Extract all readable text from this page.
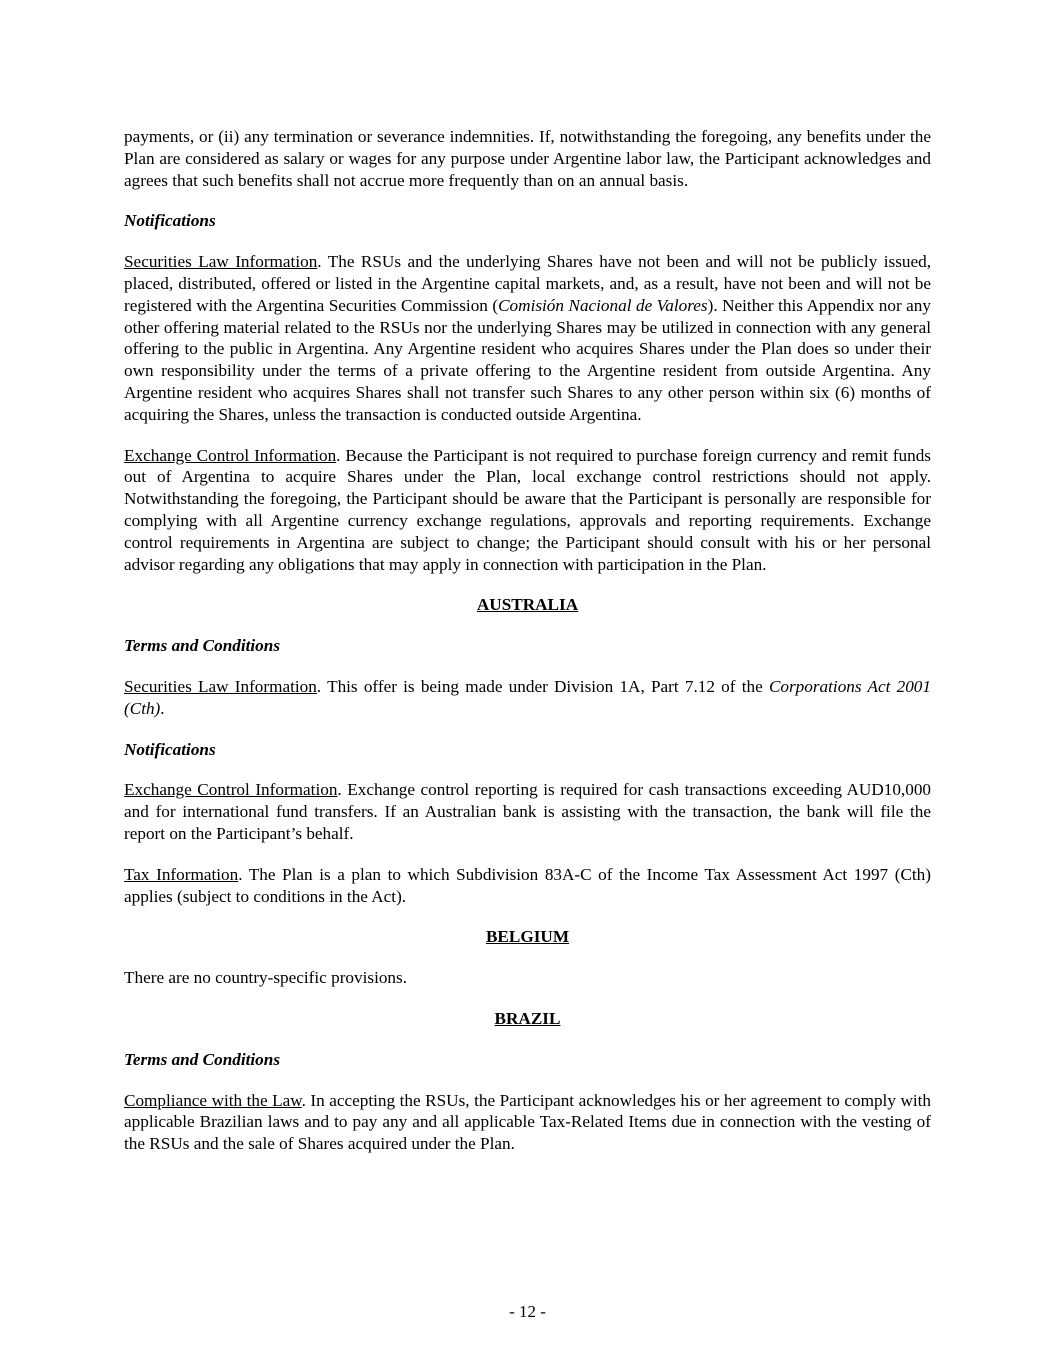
payments, or (ii) any termination or severance indemnities. If, notwithstanding the foregoing, any benefits under the Plan are considered as salary or wages for any purpose under Argentine labor law, the Participant acknowledges and agrees that such benefits shall not accrue more frequently than on an annual basis.

Notifications

Securities Law Information. The RSUs and the underlying Shares have not been and will not be publicly issued, placed, distributed, offered or listed in the Argentine capital markets, and, as a result, have not been and will not be registered with the Argentina Securities Commission (Comisión Nacional de Valores). Neither this Appendix nor any other offering material related to the RSUs nor the underlying Shares may be utilized in connection with any general offering to the public in Argentina. Any Argentine resident who acquires Shares under the Plan does so under their own responsibility under the terms of a private offering to the Argentine resident from outside Argentina. Any Argentine resident who acquires Shares shall not transfer such Shares to any other person within six (6) months of acquiring the Shares, unless the transaction is conducted outside Argentina.

Exchange Control Information. Because the Participant is not required to purchase foreign currency and remit funds out of Argentina to acquire Shares under the Plan, local exchange control restrictions should not apply. Notwithstanding the foregoing, the Participant should be aware that the Participant is personally are responsible for complying with all Argentine currency exchange regulations, approvals and reporting requirements. Exchange control requirements in Argentina are subject to change; the Participant should consult with his or her personal advisor regarding any obligations that may apply in connection with participation in the Plan.

AUSTRALIA

Terms and Conditions

Securities Law Information. This offer is being made under Division 1A, Part 7.12 of the Corporations Act 2001 (Cth).

Notifications

Exchange Control Information. Exchange control reporting is required for cash transactions exceeding AUD10,000 and for international fund transfers. If an Australian bank is assisting with the transaction, the bank will file the report on the Participant’s behalf.

Tax Information. The Plan is a plan to which Subdivision 83A-C of the Income Tax Assessment Act 1997 (Cth) applies (subject to conditions in the Act).

BELGIUM

There are no country-specific provisions.

BRAZIL

Terms and Conditions

Compliance with the Law. In accepting the RSUs, the Participant acknowledges his or her agreement to comply with applicable Brazilian laws and to pay any and all applicable Tax-Related Items due in connection with the vesting of the RSUs and the sale of Shares acquired under the Plan.

- 12 -
